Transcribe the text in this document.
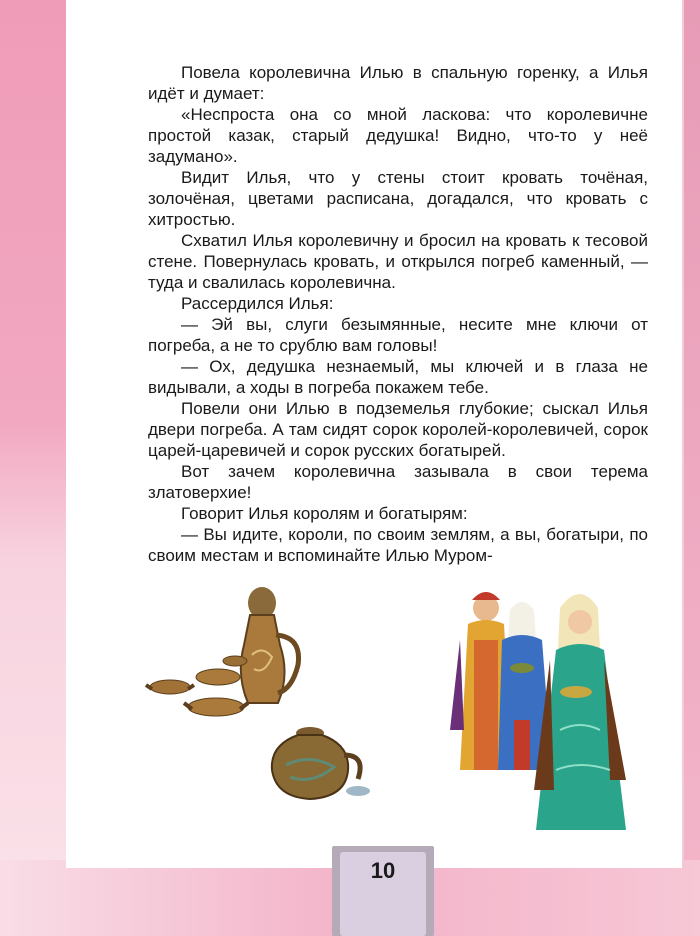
Повела королевична Илью в спальную горенку, а Илья идёт и думает:

«Неспроста она со мной ласкова: что королевичне простой казак, старый дедушка! Видно, что-то у неё задумано».

Видит Илья, что у стены стоит кровать точёная, золочёная, цветами расписана, догадался, что кровать с хитростью.

Схватил Илья королевичну и бросил на кровать к тесовой стене. Повернулась кровать, и открылся погреб каменный, — туда и свалилась королевична.

Рассердился Илья:

— Эй вы, слуги безымянные, несите мне ключи от погреба, а не то срублю вам головы!

— Ох, дедушка незнаемый, мы ключей и в глаза не видывали, а ходы в погреба покажем тебе.

Повели они Илью в подземелья глубокие; сыскал Илья двери погреба. А там сидят сорок королей-королевичей, сорок царей-царевичей и сорок русских богатырей.

Вот зачем королевична зазывала в свои терема златоверхие!

Говорит Илья королям и богатырям:

— Вы идите, короли, по своим землям, а вы, богатыри, по своим местам и вспоминайте Илью Муром-

10
